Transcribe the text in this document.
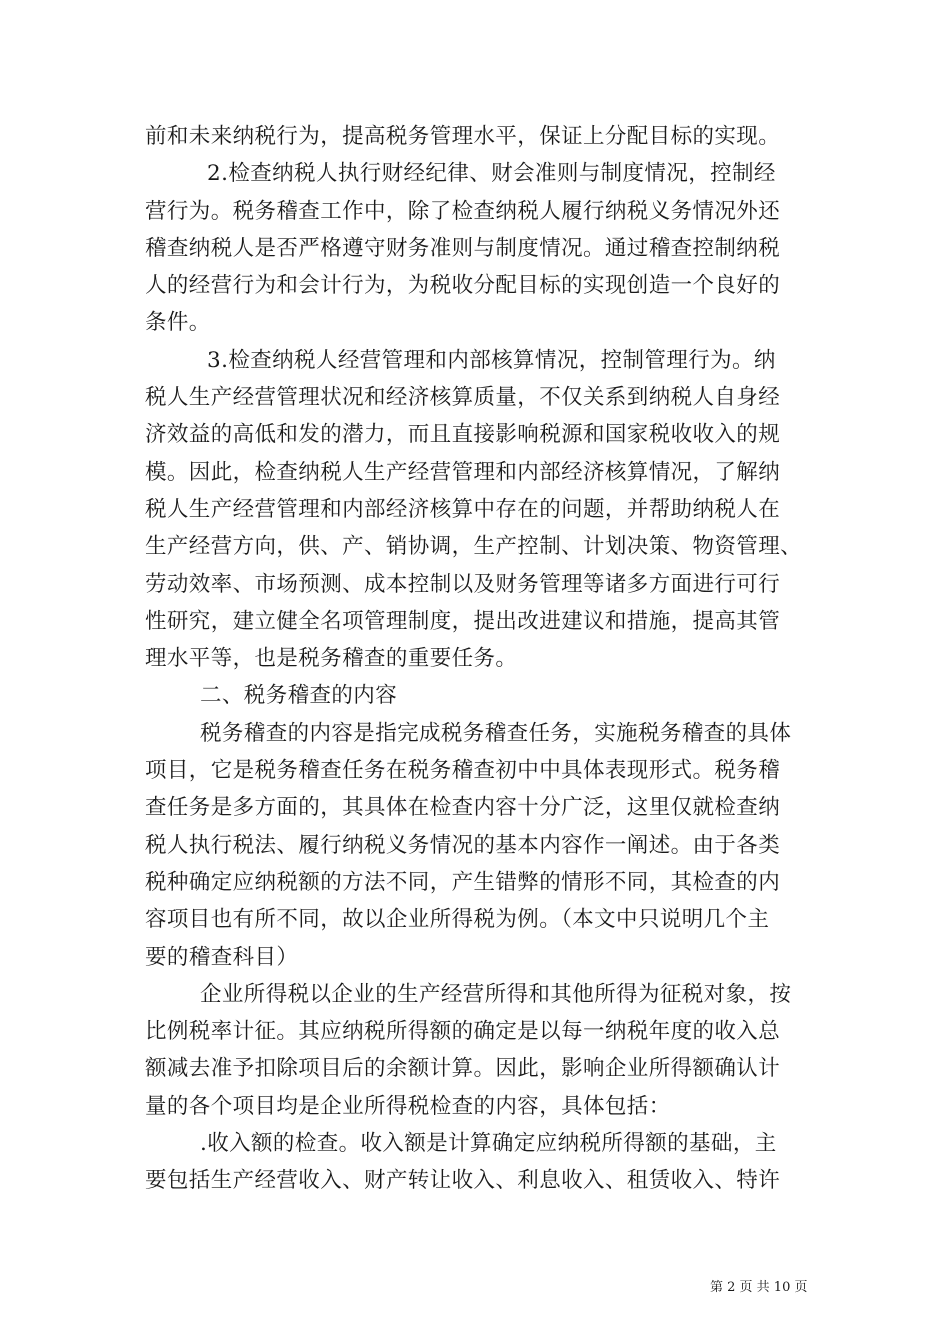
前和未来纳税行为，提高税务管理水平，保证上分配目标的实现。
2.检查纳税人执行财经纪律、财会准则与制度情况，控制经
营行为。税务稽查工作中，除了检查纳税人履行纳税义务情况外还
稽查纳税人是否严格遵守财务准则与制度情况。通过稽查控制纳税
人的经营行为和会计行为，为税收分配目标的实现创造一个良好的
条件。
3.检查纳税人经营管理和内部核算情况，控制管理行为。纳
税人生产经营管理状况和经济核算质量，不仅关系到纳税人自身经
济效益的高低和发的潜力，而且直接影响税源和国家税收收入的规
模。因此，检查纳税人生产经营管理和内部经济核算情况，了解纳
税人生产经营管理和内部经济核算中存在的问题，并帮助纳税人在
生产经营方向，供、产、销协调，生产控制、计划决策、物资管理、
劳动效率、市场预测、成本控制以及财务管理等诸多方面进行可行
性研究，建立健全名项管理制度，提出改进建议和措施，提高其管
理水平等，也是税务稽查的重要任务。
二、税务稽查的内容
税务稽查的内容是指完成税务稽查任务，实施税务稽查的具体
项目，它是税务稽查任务在税务稽查初中中具体表现形式。税务稽
查任务是多方面的，其具体在检查内容十分广泛，这里仅就检查纳
税人执行税法、履行纳税义务情况的基本内容作一阐述。由于各类
税种确定应纳税额的方法不同，产生错弊的情形不同，其检查的内
容项目也有所不同，故以企业所得税为例。（本文中只说明几个主
要的稽查科目）
企业所得税以企业的生产经营所得和其他所得为征税对象，按
比例税率计征。其应纳税所得额的确定是以每一纳税年度的收入总
额减去准予扣除项目后的余额计算。因此，影响企业所得额确认计
量的各个项目均是企业所得税检查的内容，具体包括：
.收入额的检查。收入额是计算确定应纳税所得额的基础，主
要包括生产经营收入、财产转让收入、利息收入、租赁收入、特许
第 2 页 共 10 页
